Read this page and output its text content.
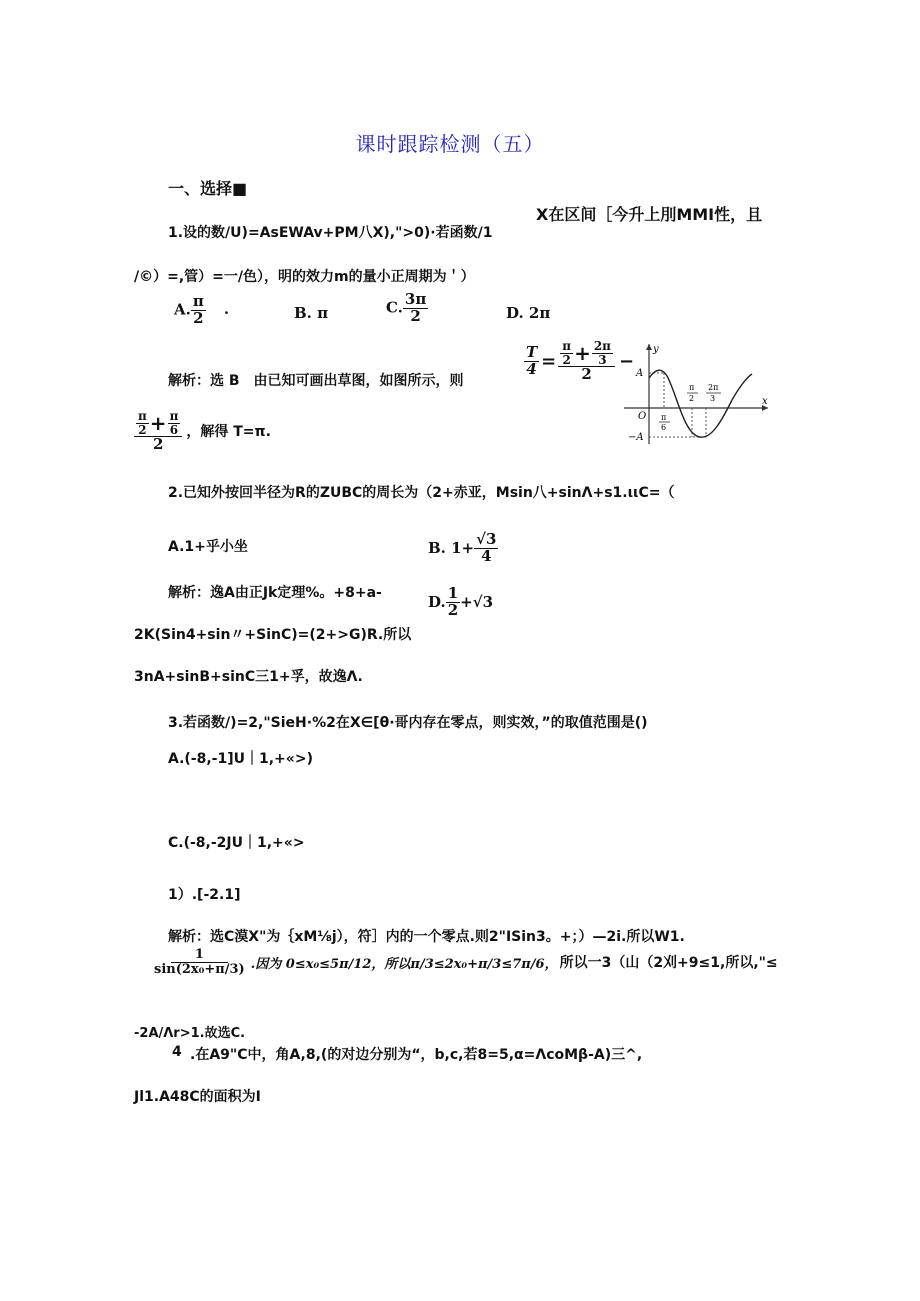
课时跟踪检测（五）
一、选择■
X在区间［今升上刖MMI性，且
1.设的数/U)=AsEWAv+PM八X),">0)·若函数/1
/©）=,管）=一/色），明的效力m的量小正周期为＇）
A. $\frac{\pi}{2}$ .	B. π	C. $\frac{3\pi}{2}$	D. 2π
解析：选 B　由已知可画出草图，如图所示，则
$\frac{T}{4} = \frac{\frac{\pi}{2} + \frac{2\pi}{3}}{2}$ −
$\frac{\frac{\pi}{2} + \frac{\pi}{6}}{2}$ ，解得 T=π.
y
x
A
−A
O π
6
π
2
2π
3
2.已知外按回半径为R的ZUBC的周长为（2+赤亚，Msin八+sinΛ+s1.ιιC=（
A.1+乎小坐	B. $1+ \frac{√3}{4}$
解析：逸A由正Jk定理%。+8+a-
D. $\frac{1}{2} +√3$
2K(Sin4+sin〃+SinC)=(2+>G)R.所以
3nA+sinB+sinC三1+孚，故逸Λ.
3.若函数/)=2,"SieH·%2在X∈[θ·哥内存在零点，则实效，”的取值范围是()
A.(-8,-1]U｜1,+«>)
C.(-8,-2JU｜1,+«>
1）.[-2.1]
解析：选C漠X"为｛xM⅛j），符］内的一个零点.则2"ISin3。+；）—2i.所以W1.
$\frac{1}{\text{sin(2x₀+π/3)}}$ .因为 0≤x₀≤5π/12，所以π/3≤2x₀+π/3≤7π/6， 所以一3（山（2刈+9≤1,所以,"≤
-2A/Λr>1.故选C.
4 .在A9"C中，角A,8,(的对边分别为“，b,c,若8=5,α=ΛcoMβ-A)三^,
Jl1.A48C的面积为I
